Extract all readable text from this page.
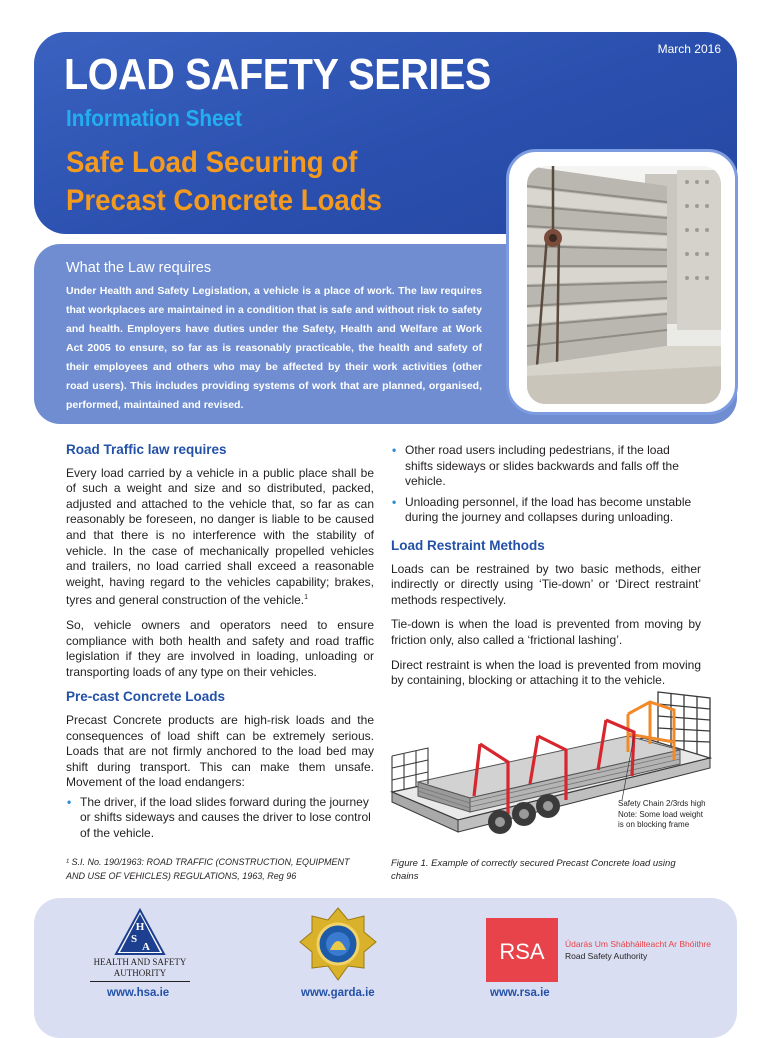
March 2016
LOAD SAFETY SERIES
Information Sheet
Safe Load Securing of
Precast Concrete Loads
What the Law requires

Under Health and Safety Legislation, a vehicle is a place of work. The law requires that workplaces are maintained in a condition that is safe and without risk to safety and health. Employers have duties under the Safety, Health and Welfare at Work Act 2005 to ensure, so far as is reasonably practicable, the health and safety of their employees and others who may be affected by their work activities (other road users). This includes providing systems of work that are planned, organised, performed, maintained and revised.

Road Traffic law requires

Every load carried by a vehicle in a public place shall be of such a weight and size and so distributed, packed, adjusted and attached to the vehicle that, so far as can reasonably be foreseen, no danger is liable to be caused and that there is no interference with the stability of vehicle. In the case of mechanically propelled vehicles and trailers, no load carried shall exceed a reasonable weight, having regard to the vehicles capability; brakes, tyres and general construction of the vehicle.$^1$

So, vehicle owners and operators need to ensure compliance with both health and safety and road traffic legislation if they are involved in loading, unloading or transporting loads of any type on their vehicles.

Pre-cast Concrete Loads

Precast Concrete products are high-risk loads and the consequences of load shift can be extremely serious. Loads that are not firmly anchored to the load bed may shift during transport. This can make them unsafe. Movement of the load endangers:

• The driver, if the load slides forward during the journey or shifts sideways and causes the driver to lose control of the vehicle.
¹ S.I. No. 190/1963: ROAD TRAFFIC (CONSTRUCTION, EQUIPMENT AND USE OF VEHICLES) REGULATIONS, 1963, Reg 96
• Other road users including pedestrians, if the load shifts sideways or slides backwards and falls off the vehicle.
• Unloading personnel, if the load has become unstable during the journey and collapses during unloading.
Load Restraint Methods

Loads can be restrained by two basic methods, either indirectly or directly using ‘Tie-down’ or ‘Direct restraint’ methods respectively.

Tie-down is when the load is prevented from moving by friction only, also called a ‘frictional lashing’.

Direct restraint is when the load is prevented from moving by containing, blocking or attaching it to the vehicle.

Safety Chain 2/3rds high
Note: Some load weight
is on blocking frame
Figure 1. Example of correctly secured Precast Concrete load using chains
H
S
A
HEALTH AND SAFETY
AUTHORITY
www.hsa.ie	www.garda.ie
RSA Údarás Um Shábháilteacht Ar Bhóithre
Road Safety Authority
www.rsa.ie
